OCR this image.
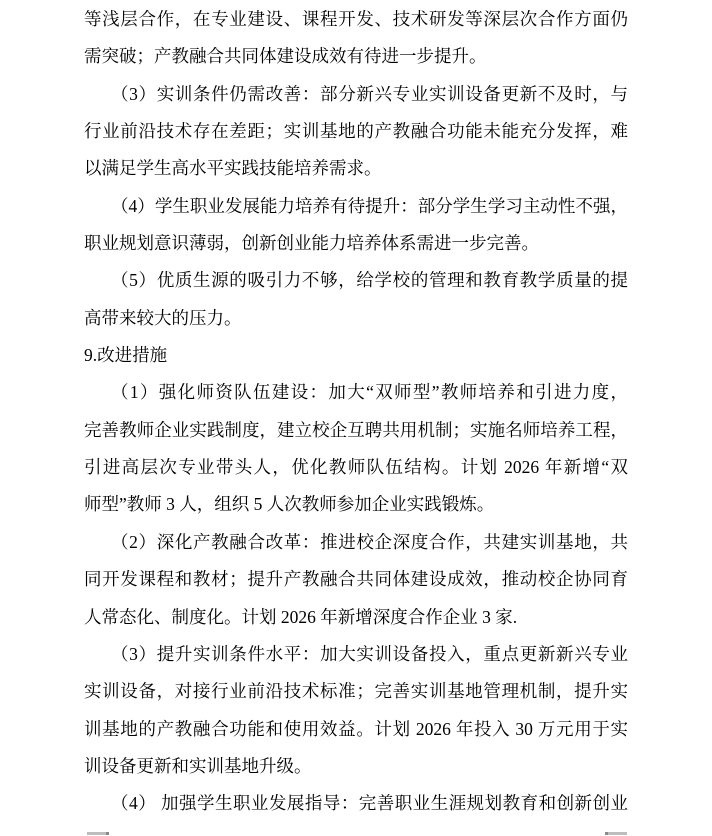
等浅层合作，在专业建设、课程开发、技术研发等深层次合作方面仍
需突破；产教融合共同体建设成效有待进一步提升。
（3）实训条件仍需改善：部分新兴专业实训设备更新不及时，与
行业前沿技术存在差距；实训基地的产教融合功能未能充分发挥，难
以满足学生高水平实践技能培养需求。
（4）学生职业发展能力培养有待提升：部分学生学习主动性不强，
职业规划意识薄弱，创新创业能力培养体系需进一步完善。
（5）优质生源的吸引力不够，给学校的管理和教育教学质量的提
高带来较大的压力。
9.改进措施
（1）强化师资队伍建设：加大“双师型”教师培养和引进力度，
完善教师企业实践制度，建立校企互聘共用机制；实施名师培养工程，
引进高层次专业带头人，优化教师队伍结构。计划 2026 年新增“双
师型”教师 3 人，组织 5 人次教师参加企业实践锻炼。
（2）深化产教融合改革：推进校企深度合作，共建实训基地，共
同开发课程和教材；提升产教融合共同体建设成效，推动校企协同育
人常态化、制度化。计划 2026 年新增深度合作企业 3 家.
（3）提升实训条件水平：加大实训设备投入，重点更新新兴专业
实训设备，对接行业前沿技术标准；完善实训基地管理机制，提升实
训基地的产教融合功能和使用效益。计划 2026 年投入 30 万元用于实
训设备更新和实训基地升级。
（4） 加强学生职业发展指导：完善职业生涯规划教育和创新创业
